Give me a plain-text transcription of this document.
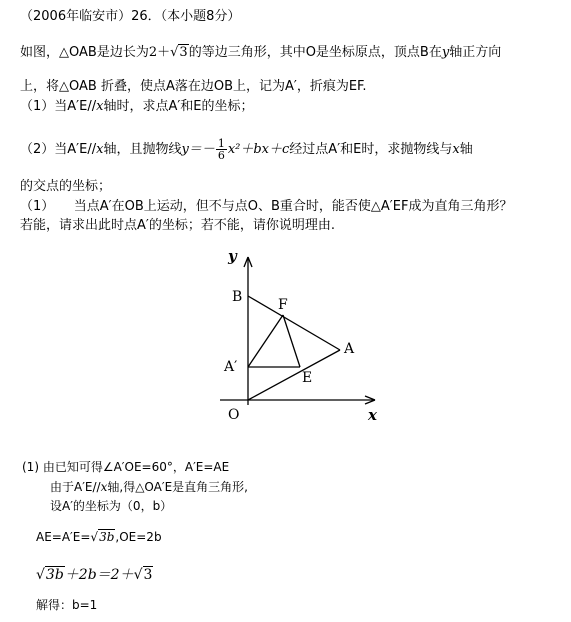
（2006年临安市）26．（本小题8分）
如图，△OAB是边长为2＋√3的等边三角形，其中O是坐标原点，顶点B在y轴正方向
上，将△OAB 折叠，使点A落在边OB上，记为A′，折痕为EF.
（1）当A′E//x轴时，求点A′和E的坐标；
（2）当A′E//x轴，且抛物线$y=- \frac{1}{6} x^2+bx+c$经过点A′和E时，求抛物线与x轴
的交点的坐标；
（1）　　当点A′在OB上运动，但不与点O、B重合时，能否使△A′EF成为直角三角形？
若能，请求出此时点A′的坐标；若不能，请你说明理由.
y
x
B	F
A
A′
E
O
(1) 由已知可得∠A′OE=60°，A′E=AE
由于A′E//x轴,得△OA′E是直角三角形,
设A′的坐标为（0，b）
AE=A′E=√3b,OE=2b
√3b＋2b＝2＋√3
解得：b=1
